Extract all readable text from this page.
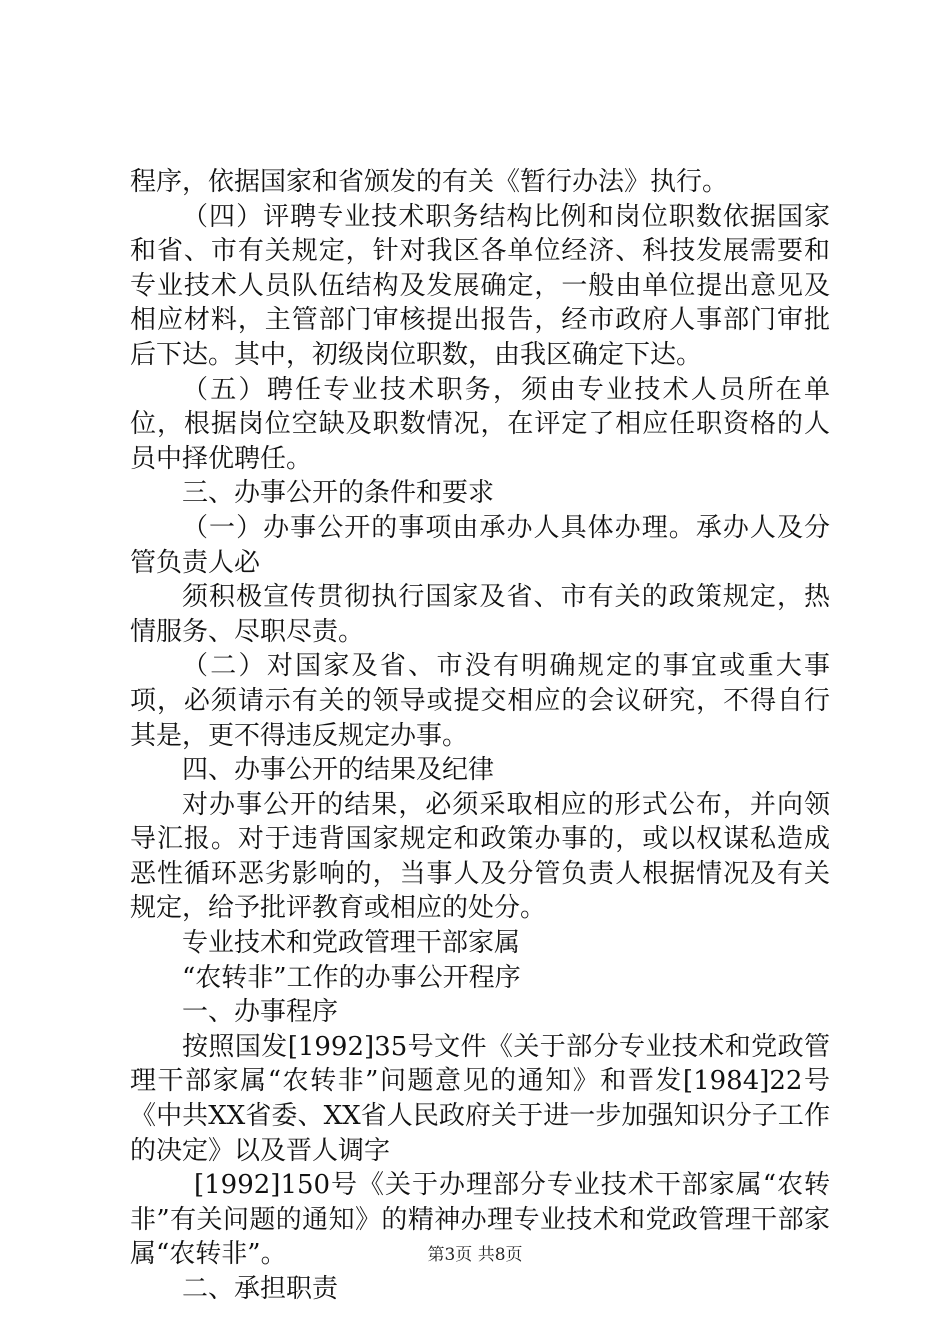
程序，依据国家和省颁发的有关《暂行办法》执行。

（四）评聘专业技术职务结构比例和岗位职数依据国家和省、市有关规定，针对我区各单位经济、科技发展需要和专业技术人员队伍结构及发展确定，一般由单位提出意见及相应材料，主管部门审核提出报告，经市政府人事部门审批后下达。其中，初级岗位职数，由我区确定下达。

（五）聘任专业技术职务，须由专业技术人员所在单位，根据岗位空缺及职数情况，在评定了相应任职资格的人员中择优聘任。

三、办事公开的条件和要求

（一）办事公开的事项由承办人具体办理。承办人及分管负责人必

须积极宣传贯彻执行国家及省、市有关的政策规定，热情服务、尽职尽责。

（二）对国家及省、市没有明确规定的事宜或重大事项，必须请示有关的领导或提交相应的会议研究，不得自行其是，更不得违反规定办事。

四、办事公开的结果及纪律

对办事公开的结果，必须采取相应的形式公布，并向领导汇报。对于违背国家规定和政策办事的，或以权谋私造成恶性循环恶劣影响的，当事人及分管负责人根据情况及有关规定，给予批评教育或相应的处分。

专业技术和党政管理干部家属

“农转非”工作的办事公开程序

一、办事程序

按照国发[1992]35号文件《关于部分专业技术和党政管理干部家属“农转非”问题意见的通知》和晋发[1984]22号《中共XX省委、XX省人民政府关于进一步加强知识分子工作的决定》以及晋人调字

[1992]150号《关于办理部分专业技术干部家属“农转非”有关问题的通知》的精神办理专业技术和党政管理干部家属“农转非”。

二、承担职责

第3页 共8页
